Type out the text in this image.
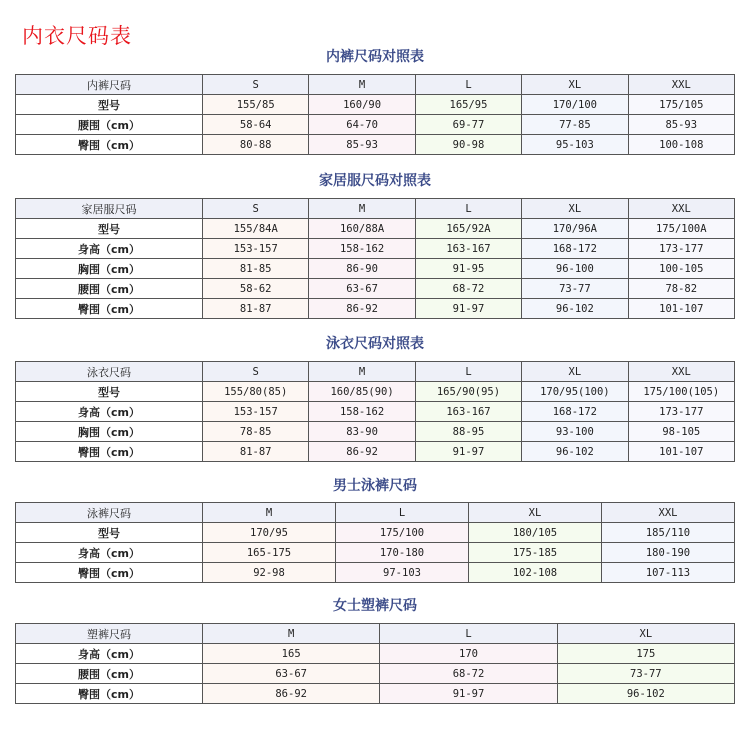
内衣尺码表
内裤尺码对照表
内裤尺码	S	M	L	XL	XXL
型号	155/85	160/90	165/95	170/100	175/105
腰围（cm）	58-64	64-70	69-77	77-85	85-93
臀围（cm）	80-88	85-93	90-98	95-103	100-108
家居服尺码对照表
家居服尺码	S	M	L	XL	XXL
型号	155/84A	160/88A	165/92A	170/96A	175/100A
身高（cm）	153-157	158-162	163-167	168-172	173-177
胸围（cm）	81-85	86-90	91-95	96-100	100-105
腰围（cm）	58-62	63-67	68-72	73-77	78-82
臀围（cm）	81-87	86-92	91-97	96-102	101-107
泳衣尺码对照表
泳衣尺码	S	M	L	XL	XXL
型号	155/80(85)	160/85(90)	165/90(95)	170/95(100)	175/100(105)
身高（cm）	153-157	158-162	163-167	168-172	173-177
胸围（cm）	78-85	83-90	88-95	93-100	98-105
臀围（cm）	81-87	86-92	91-97	96-102	101-107
男士泳裤尺码
泳裤尺码	M	L	XL	XXL
型号	170/95	175/100	180/105	185/110
身高（cm）	165-175	170-180	175-185	180-190
臀围（cm）	92-98	97-103	102-108	107-113
女士塑裤尺码
塑裤尺码	M	L	XL
身高（cm）	165	170	175
腰围（cm）	63-67	68-72	73-77
臀围（cm）	86-92	91-97	96-102
